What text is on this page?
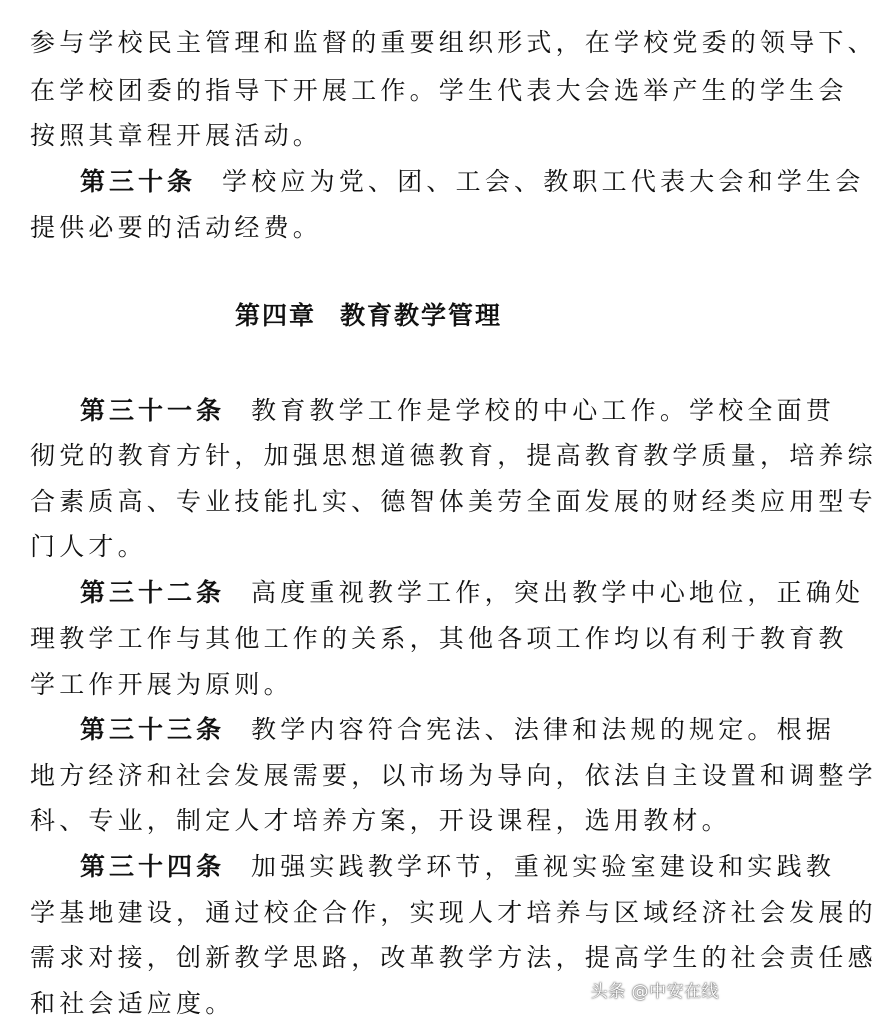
参与学校民主管理和监督的重要组织形式，在学校党委的领导下、
在学校团委的指导下开展工作。学生代表大会选举产生的学生会
按照其章程开展活动。
第三十条 学校应为党、团、工会、教职工代表大会和学生会
提供必要的活动经费。
第四章 教育教学管理
第三十一条 教育教学工作是学校的中心工作。学校全面贯
彻党的教育方针，加强思想道德教育，提高教育教学质量，培养综
合素质高、专业技能扎实、德智体美劳全面发展的财经类应用型专
门人才。
第三十二条 高度重视教学工作，突出教学中心地位，正确处
理教学工作与其他工作的关系，其他各项工作均以有利于教育教
学工作开展为原则。
第三十三条 教学内容符合宪法、法律和法规的规定。根据
地方经济和社会发展需要，以市场为导向，依法自主设置和调整学
科、专业，制定人才培养方案，开设课程，选用教材。
第三十四条 加强实践教学环节，重视实验室建设和实践教
学基地建设，通过校企合作，实现人才培养与区域经济社会发展的
需求对接，创新教学思路，改革教学方法，提高学生的社会责任感
和社会适应度。	头条 @中安在线
